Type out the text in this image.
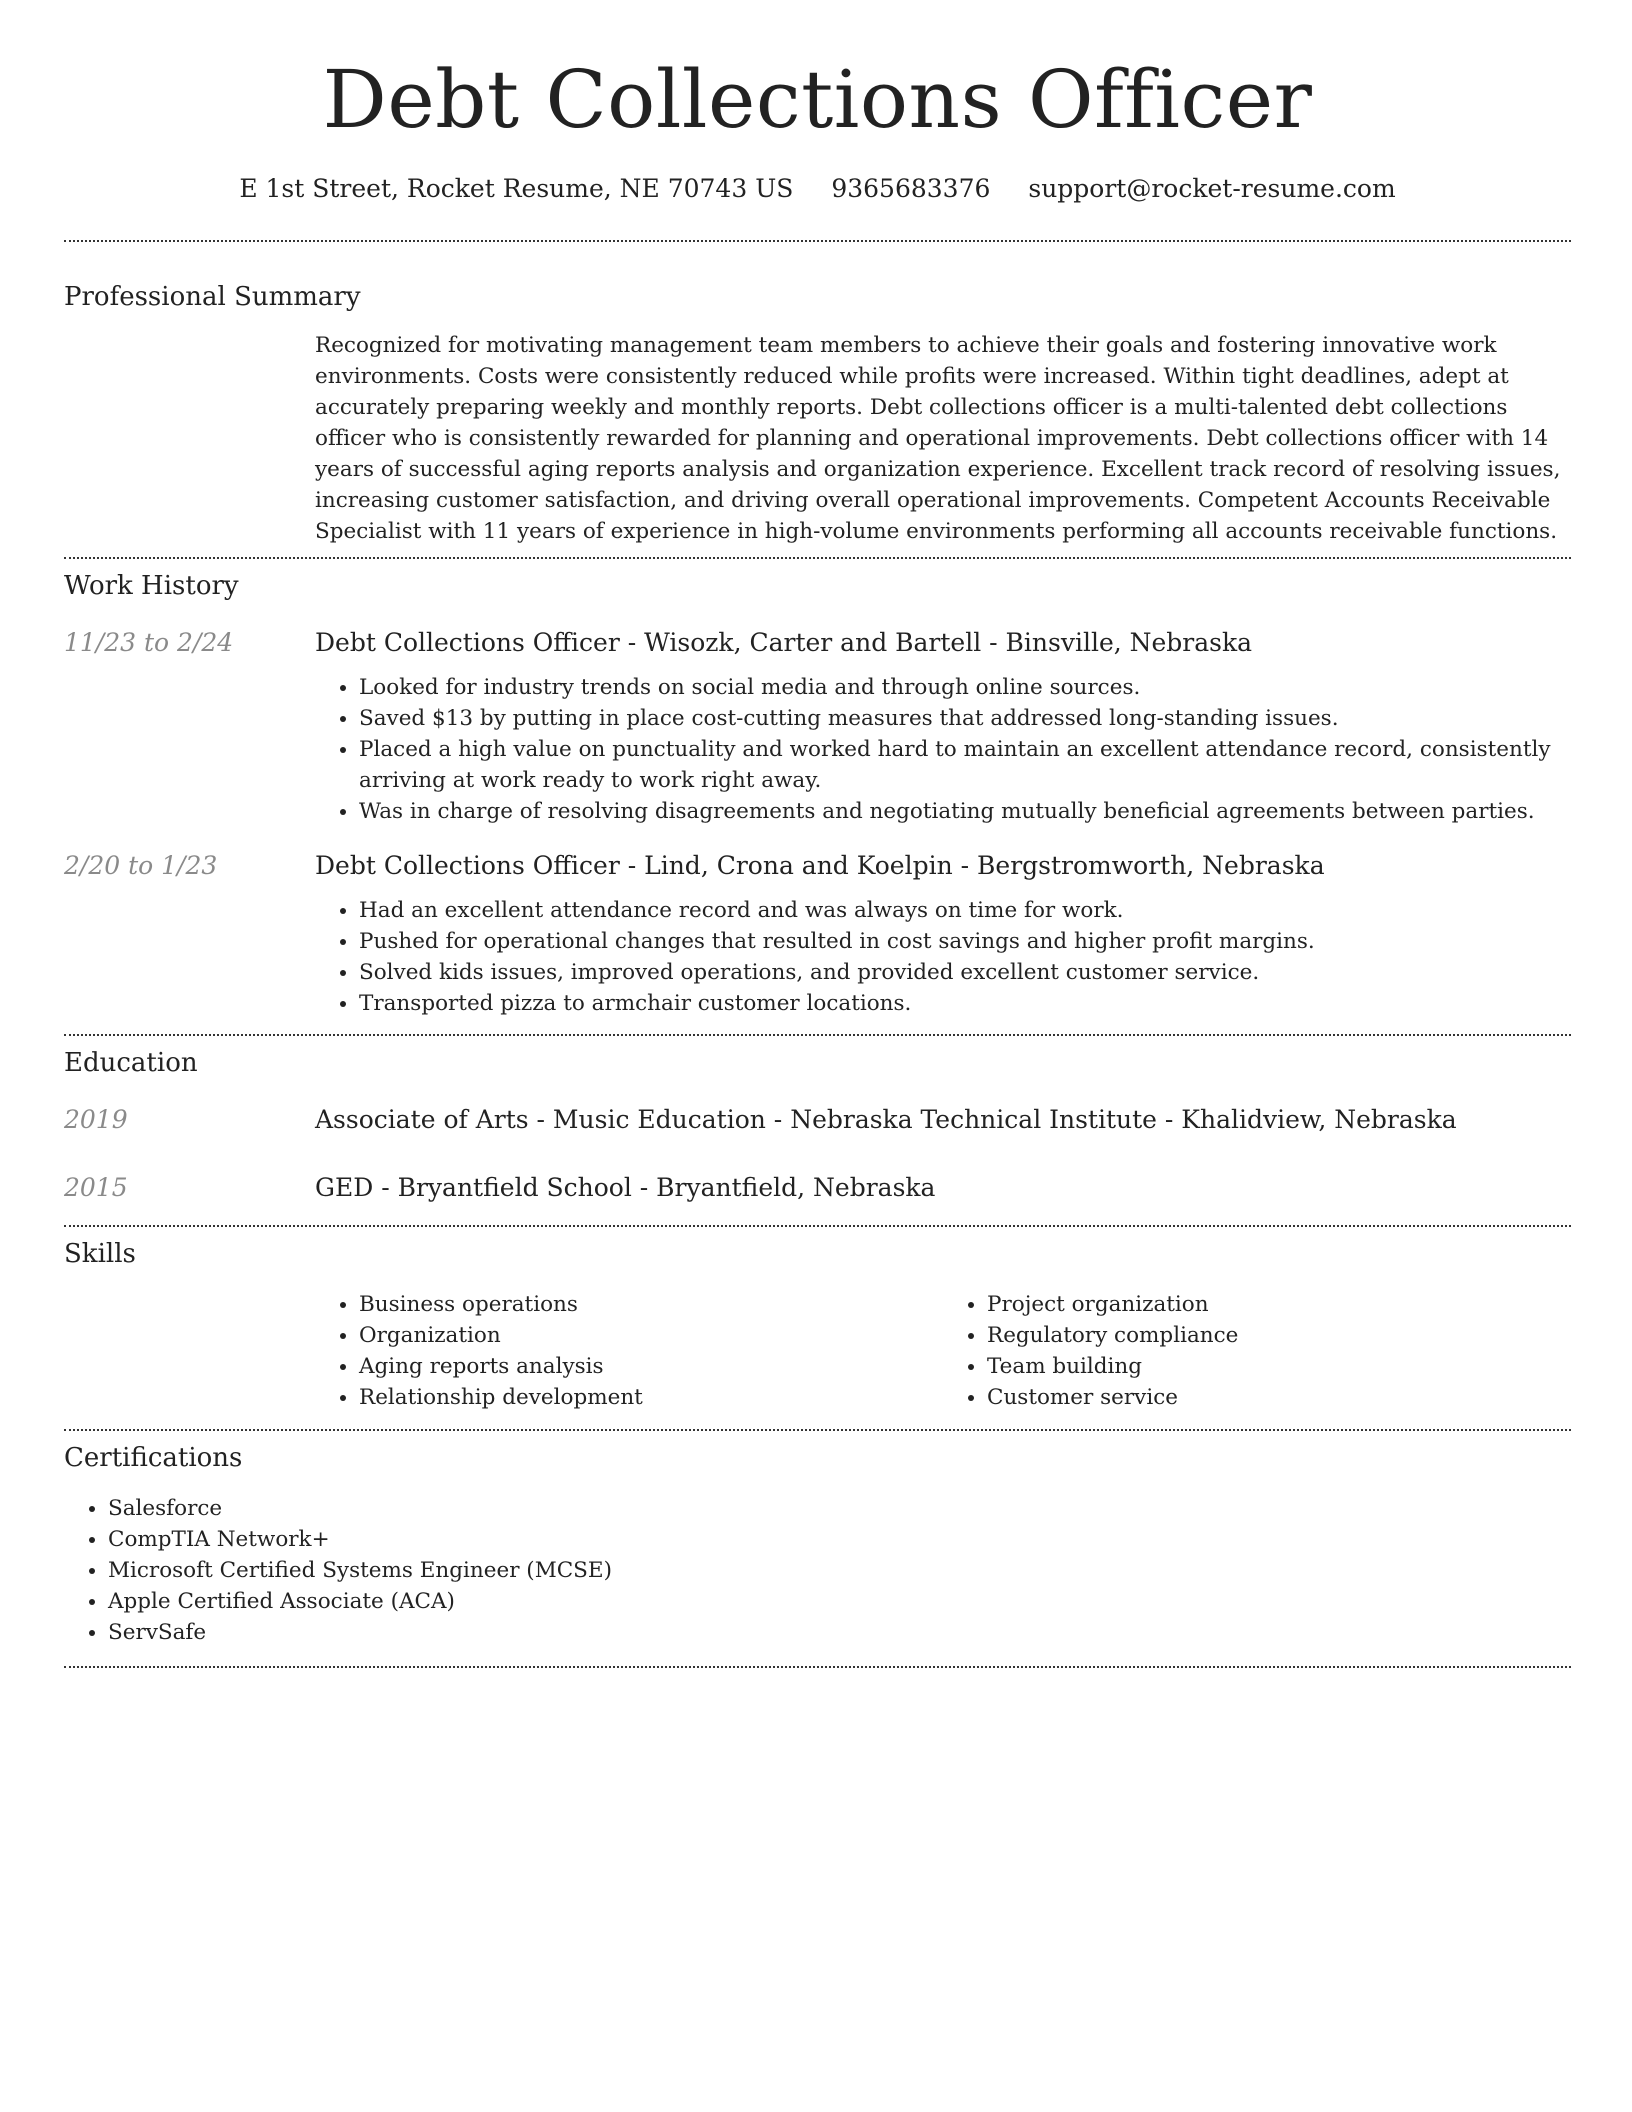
Debt Collections Officer
E 1st Street, Rocket Resume, NE 70743 US 9365683376 support@rocket-resume.com
Professional Summary
Recognized for motivating management team members to achieve their goals and fostering innovative work environments. Costs were consistently reduced while profits were increased. Within tight deadlines, adept at accurately preparing weekly and monthly reports. Debt collections officer is a multi-talented debt collections officer who is consistently rewarded for planning and operational improvements. Debt collections officer with 14 years of successful aging reports analysis and organization experience. Excellent track record of resolving issues, increasing customer satisfaction, and driving overall operational improvements. Competent Accounts Receivable Specialist with 11 years of experience in high-volume environments performing all accounts receivable functions.
Work History
11/23 to 2/24	Debt Collections Officer - Wisozk, Carter and Bartell - Binsville, Nebraska
• Looked for industry trends on social media and through online sources.
• Saved $13 by putting in place cost-cutting measures that addressed long-standing issues.
• Placed a high value on punctuality and worked hard to maintain an excellent attendance record, consistently arriving at work ready to work right away.
• Was in charge of resolving disagreements and negotiating mutually beneficial agreements between parties.
2/20 to 1/23	Debt Collections Officer - Lind, Crona and Koelpin - Bergstromworth, Nebraska
• Had an excellent attendance record and was always on time for work.
• Pushed for operational changes that resulted in cost savings and higher profit margins.
• Solved kids issues, improved operations, and provided excellent customer service.
• Transported pizza to armchair customer locations.
Education
2019	Associate of Arts - Music Education - Nebraska Technical Institute - Khalidview, Nebraska
2015	GED - Bryantfield School - Bryantfield, Nebraska
Skills
• Business operations
• Organization
• Aging reports analysis
• Relationship development
• Project organization
• Regulatory compliance
• Team building
• Customer service
Certifications
• Salesforce
• CompTIA Network+
• Microsoft Certified Systems Engineer (MCSE)
• Apple Certified Associate (ACA)
• ServSafe
